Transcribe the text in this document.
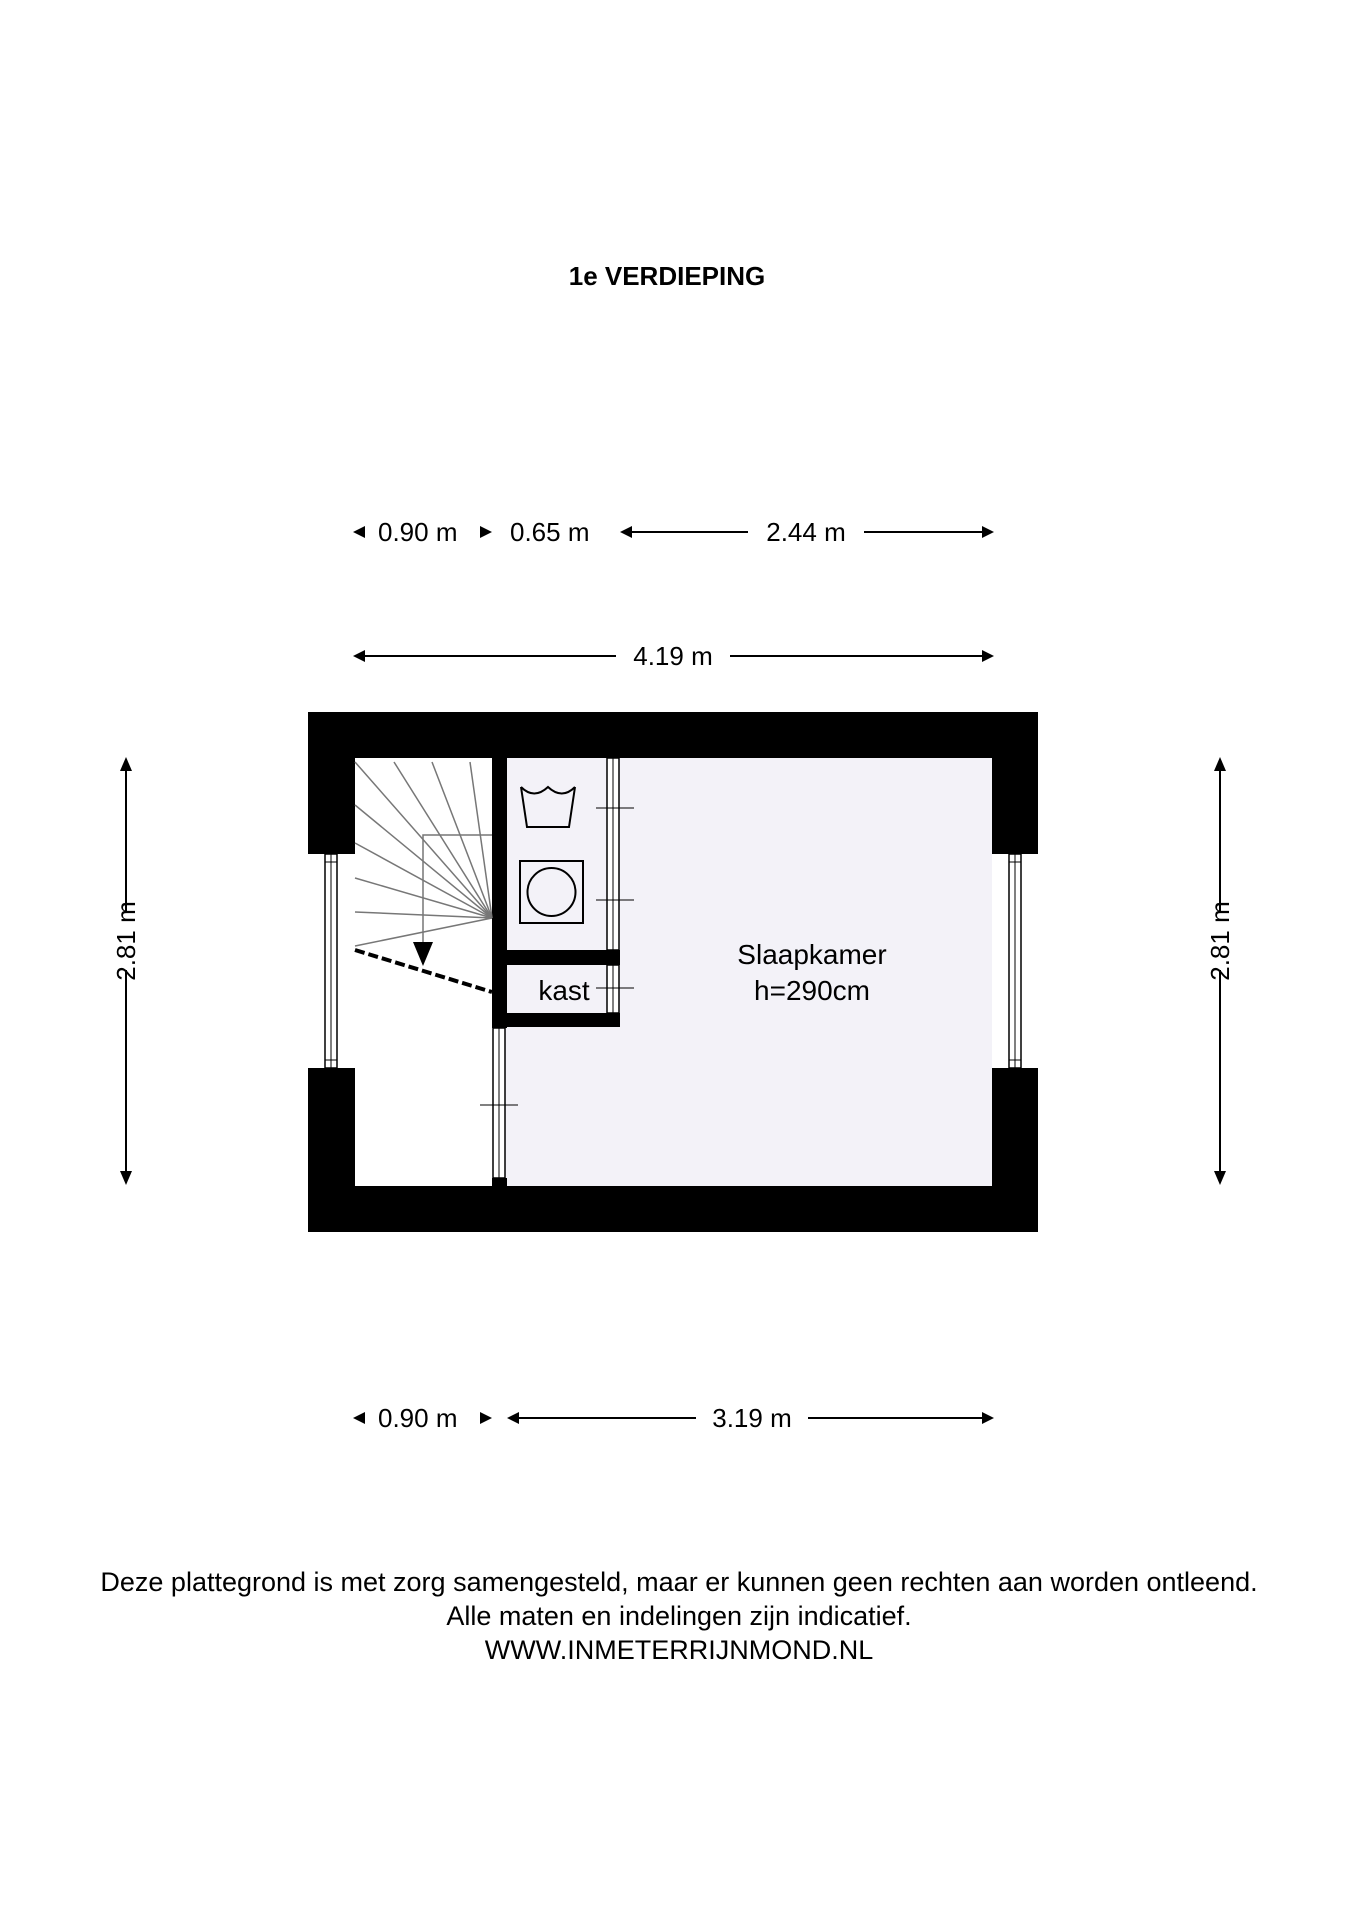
1e VERDIEPING
0.90 m 0.65 m	2.44 m
4.19 m
2.81 m	2.81 m
Slaapkamer
h=290cm
kast
0.90 m	3.19 m
Deze plattegrond is met zorg samengesteld, maar er kunnen geen rechten aan worden ontleend.
Alle maten en indelingen zijn indicatief.
WWW.INMETERRIJNMOND.NL
